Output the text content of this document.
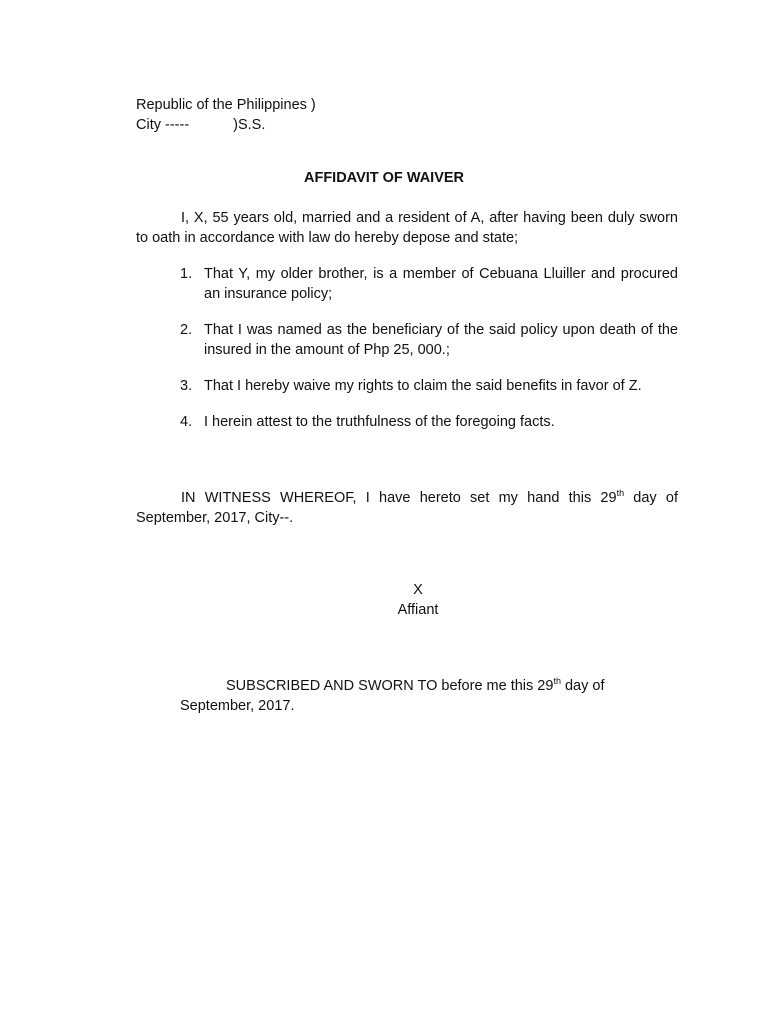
Republic of the Philippines )
City -----	)S.S.
AFFIDAVIT OF WAIVER
I, X, 55 years old, married and a resident of A, after having been duly sworn to oath in accordance with law do hereby depose and state;
1. That Y, my older brother, is a member of Cebuana Lluiller and procured an insurance policy;
2. That I was named as the beneficiary of the said policy upon death of the insured in the amount of Php 25, 000.;
3. That I hereby waive my rights to claim the said benefits in favor of Z.
4. I herein attest to the truthfulness of the foregoing facts.
IN WITNESS WHEREOF, I have hereto set my hand this 29th day of September, 2017, City--.
X
Affiant
SUBSCRIBED AND SWORN TO before me this 29th day of
September, 2017.
